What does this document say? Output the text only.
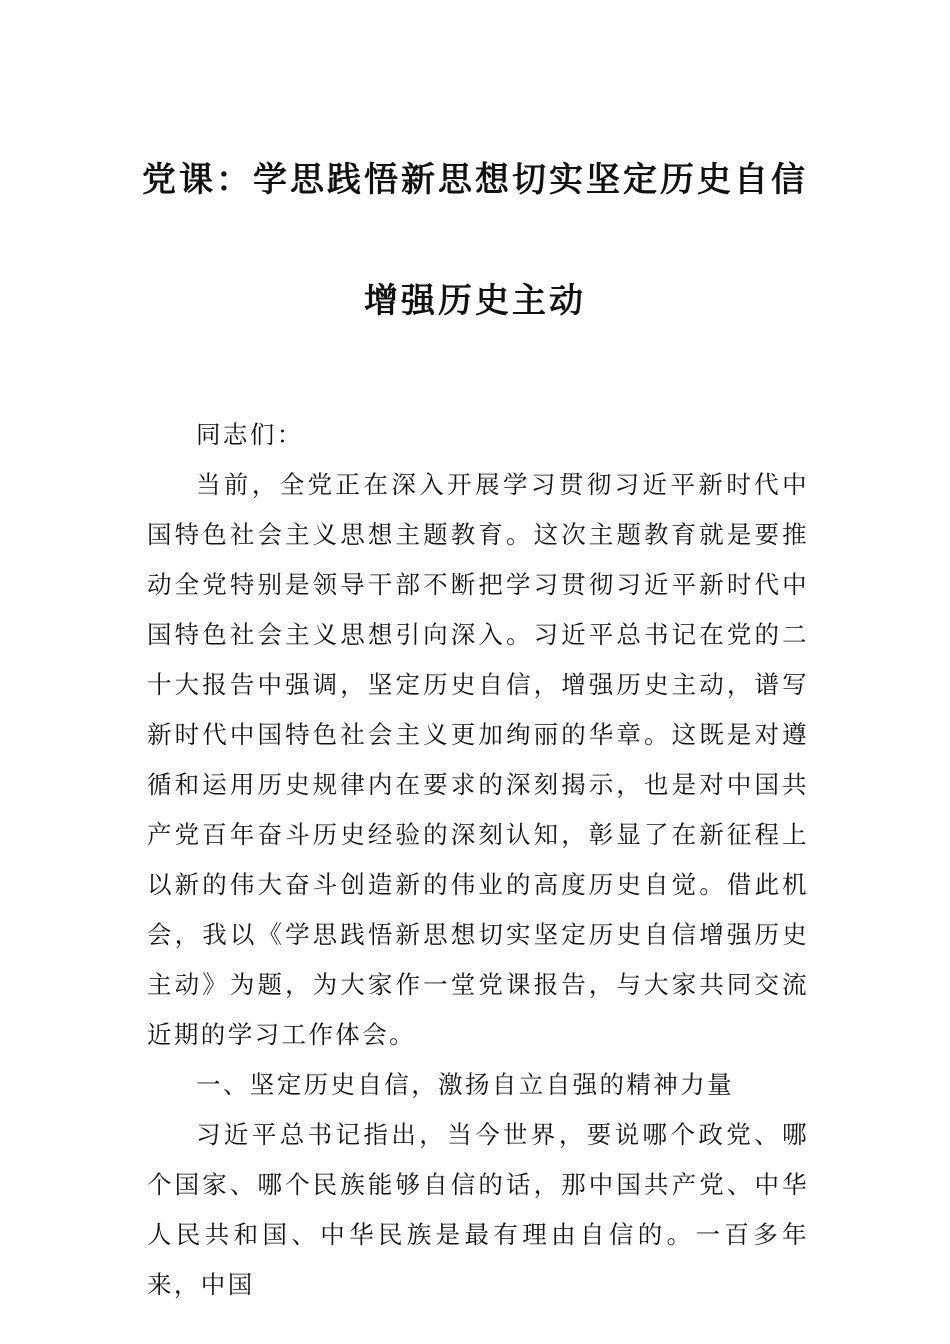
党课：学思践悟新思想切实坚定历史自信
增强历史主动

同志们：

当前，全党正在深入开展学习贯彻习近平新时代中国特色社会主义思想主题教育。这次主题教育就是要推动全党特别是领导干部不断把学习贯彻习近平新时代中国特色社会主义思想引向深入。习近平总书记在党的二十大报告中强调，坚定历史自信，增强历史主动，谱写新时代中国特色社会主义更加绚丽的华章。这既是对遵循和运用历史规律内在要求的深刻揭示，也是对中国共产党百年奋斗历史经验的深刻认知，彰显了在新征程上以新的伟大奋斗创造新的伟业的高度历史自觉。借此机会，我以《学思践悟新思想切实坚定历史自信增强历史主动》为题，为大家作一堂党课报告，与大家共同交流近期的学习工作体会。

一、坚定历史自信，激扬自立自强的精神力量

习近平总书记指出，当今世界，要说哪个政党、哪个国家、哪个民族能够自信的话，那中国共产党、中华人民共和国、中华民族是最有理由自信的。一百多年来，中国
